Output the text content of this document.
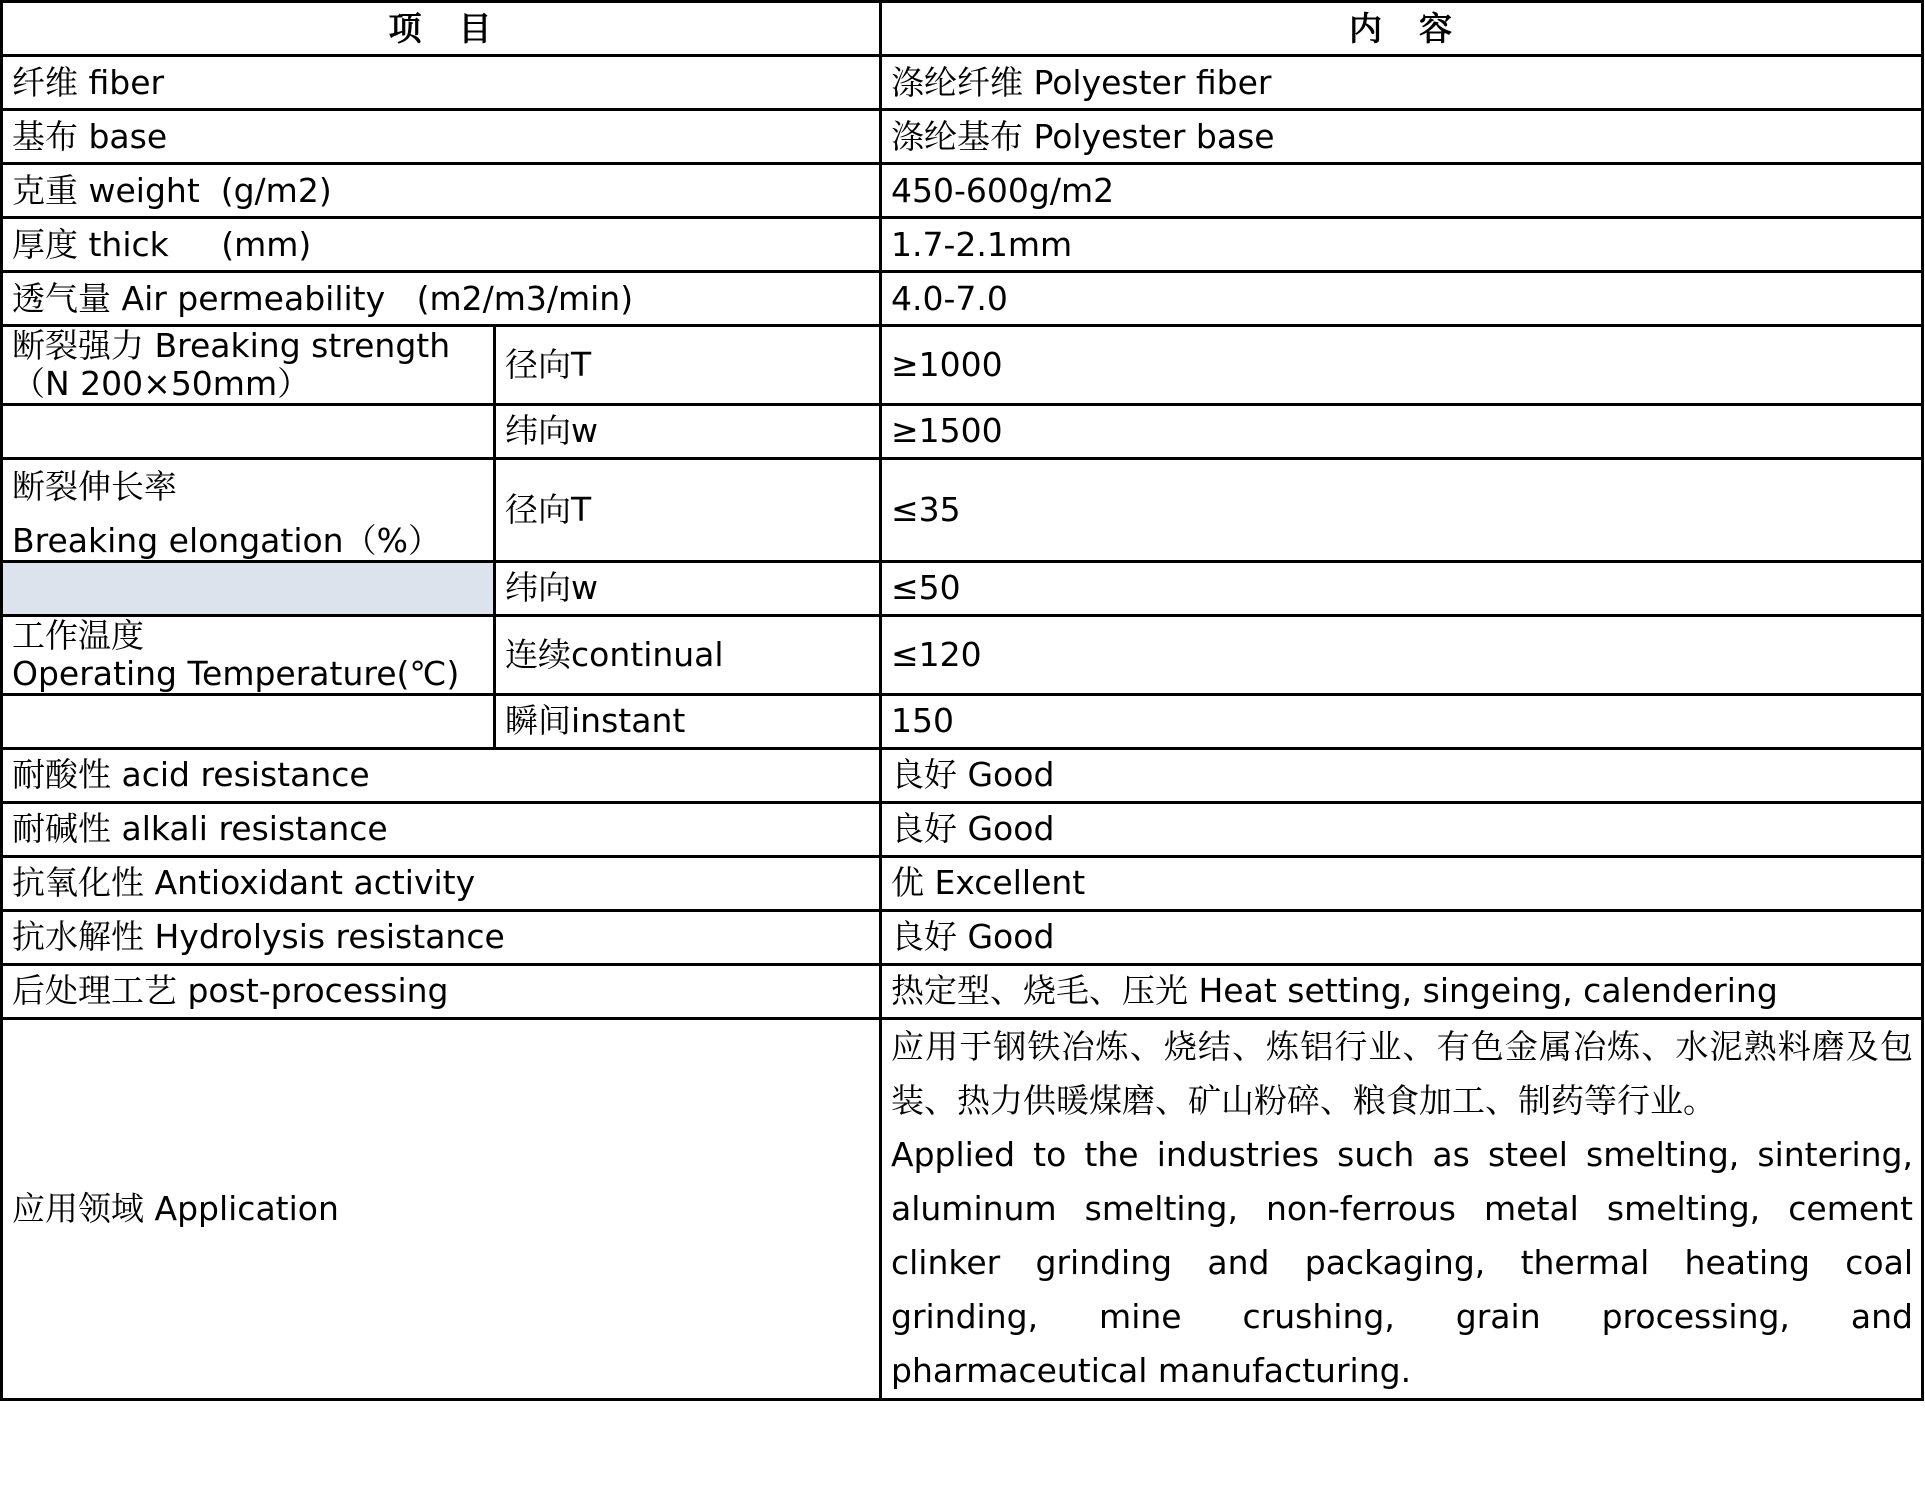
项　目		内　容
纤维 fiber		涤纶纤维 Polyester fiber
基布 base		涤纶基布 Polyester base
克重 weight  (g/m2)		450-600g/m2
厚度 thick     (mm)		1.7-2.1mm
透气量 Air permeability   (m2/m3/min)		4.0-7.0

断裂强力 Breaking strength
（N 200×50mm）	径向T	≥1000
	纬向w	≥1500

断裂伸长率
Breaking elongation（%）	径向T	≤35
	纬向w	≤50

工作温度
Operating Temperature(℃)	连续continual	≤120
	瞬间instant	150
耐酸性 acid resistance		良好 Good
耐碱性 alkali resistance		良好 Good
抗氧化性 Antioxidant activity		优 Excellent
抗水解性 Hydrolysis resistance		良好 Good
后处理工艺 post-processing		热定型、烧毛、压光 Heat setting, singeing, calendering
应用领域 Application		应用于钢铁冶炼、烧结、炼铝行业、有色金属冶炼、水泥熟料磨及包装、热力供暖煤磨、矿山粉碎、粮食加工、制药等行业。
Applied to the industries such as steel smelting, sintering, aluminum smelting, non-ferrous metal smelting, cement clinker grinding and packaging, thermal heating coal grinding, mine crushing, grain processing, and pharmaceutical manufacturing.
